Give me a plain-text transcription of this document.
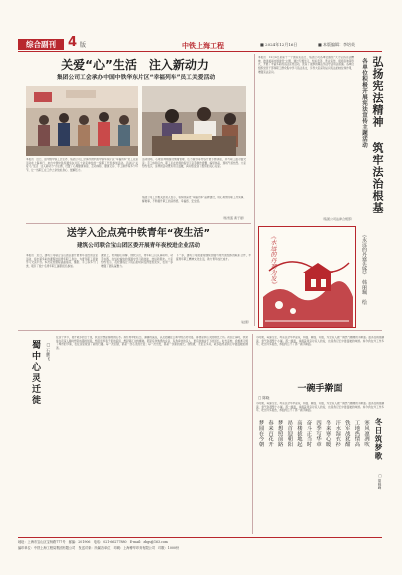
综合副刊 4 版	中铁上海工程	■ 2024年12月16日	■ 本版编辑：李培英
关爱“心”生活　注入新动力
集团公司工会承办中国中铁华东片区“幸福列车”员工关爱活动
本报讯　近日，由中国中铁工会主办、集团公司工会承办的中国中铁华东片区“幸福列车”员工关爱活动在上海举行，来自中国中铁所属华东片区十余家单位的一线职工代表参加活动。活动以“关爱‘心’生活　注入新动力”为主题，设置了心理健康讲座、互动体验、健康义诊、手工制作等多个环节，让一线职工在工作之余放松身心、缓解压力。
活动现场，心理咨询师围绕情绪管理、压力疏导等内容开展专题讲座，并与职工面对面交流；手工体验区内，职工们在老师的指导下亲手制作香囊、编织饰品，现场气氛热烈。大家纷纷表示，这样的活动既实用又温暖，真切感受到了组织的关心关爱。
集团公司工会相关负责人表示，将持续深化“幸福列车”品牌建设，用心用情为职工办实事、解难事，不断提升职工的获得感、幸福感、安全感。
（熊雪莲 黄子豪）
送学入企点亮中铁青年“夜生活”
建筑公司联合宝山团区委开展青年夜校进企业活动
本报讯　近日，建筑公司联合宝山团区委开展青年夜校进企业活动，将丰富多彩的课程送到青年职工身边，为青年职工搭建学习交流平台。本次夜校课程涵盖插花、摄影、手工等多个门类，吸引了数十名青年职工踊跃报名参加。
课堂上，老师耐心讲解、细致示范，青年职工们认真聆听、动手实践，在轻松愉快的氛围中学习新技能、结识新朋友。大家纷纷表示，夜校课程让下班后的时间变得更加充实，也进一步增强了团队凝聚力。
下一步，建筑公司团委将继续加强与地方团组织的联系合作，丰富青年职工精神文化生活，助力青年成长成才。
（赵蕾）
本报讯　12月4日是第十一个国家宪法日，集团公司各单位围绕“大力弘扬宪法精神，推进美丽中国建设”主题，通过专题学习、知识竞答、普法宣传、现场咨询等形式，开展了丰富多彩的宪法宣传活动，营造了浓厚的尊法学法守法用法氛围。各单位组织党员干部和职工群众集中学习宪法条文，引导大家深刻认识宪法的地位和作用，增强宪法意识。
（集团公司法律合规部）
弘扬宪法精神
筑牢法治根基
各单位积极开展宪法宣传主题活动
《水远的丹寨为发》	《永远的丹寨先锋》　韩丽珮　绘
蜀中心灵迁徙 □ 石鹏飞
在这个季节，离开故乡的日子里，我总会想起蜀地的山水。那些青翠的山峦、潺潺的溪流，以及隐藏在云雾中的古老村落，都曾是我心灵的栖息之所。初到上海时，我常常在夜深人静时想起成都的街巷，想起宽窄巷子里的茶馆，想起锦江边的柳树。那里有我熟悉的乡音，有我牵挂的亲人，更有我割舍不下的回忆。时光流转，我渐渐习惯了城市的节奏，也在这里找到了新的归属。每一次回望，都是一次心灵的迁徙；每一次出发，都是一次新的成长。我知道，无论走多远，故乡始终是我心中最温暖的港湾。
小时候，每逢冬至，母亲总会早早起床，和面、擀面、切面，为全家人做一碗热气腾腾的手擀面。面条在锅里翻滚，香气弥漫整个小屋。那一碗面，承载着母亲对家人的爱，也是我记忆中最温暖的味道。如今我在外工作多年，吃过许多美食，却始终忘不了那一碗手擀面。
一碗手擀面
□ 陈晓
小时候，每逢冬至，母亲总会早早起床，和面、擀面、切面，为全家人做一碗热气腾腾的手擀面。面条在锅里翻滚，香气弥漫整个小屋。那一碗面，承载着母亲对家人的爱，也是我记忆中最温暖的味道。如今我在外工作多年，吃过许多美食，却始终忘不了那一碗手擀面。
冬日筑梦歌
□ 胡晓峰
寒风凛冽吹
工地热情高
铁军战犹酣
汗水湿衣衫
冬来寒心暖
四季写华章
奋斗正当时
高楼拔地起
昂首迎朝阳
梦想照前路
春来百花开
梦圆在今朝
地址：上海市宝山区宝杨路777号　邮编：201906　电话：021-66277880　E-mail：zbgs@163.com
编印单位：中铁上海工程局集团有限公司　发送对象：所属各单位　印刷：上海博华印务有限公司　印数：1000份
